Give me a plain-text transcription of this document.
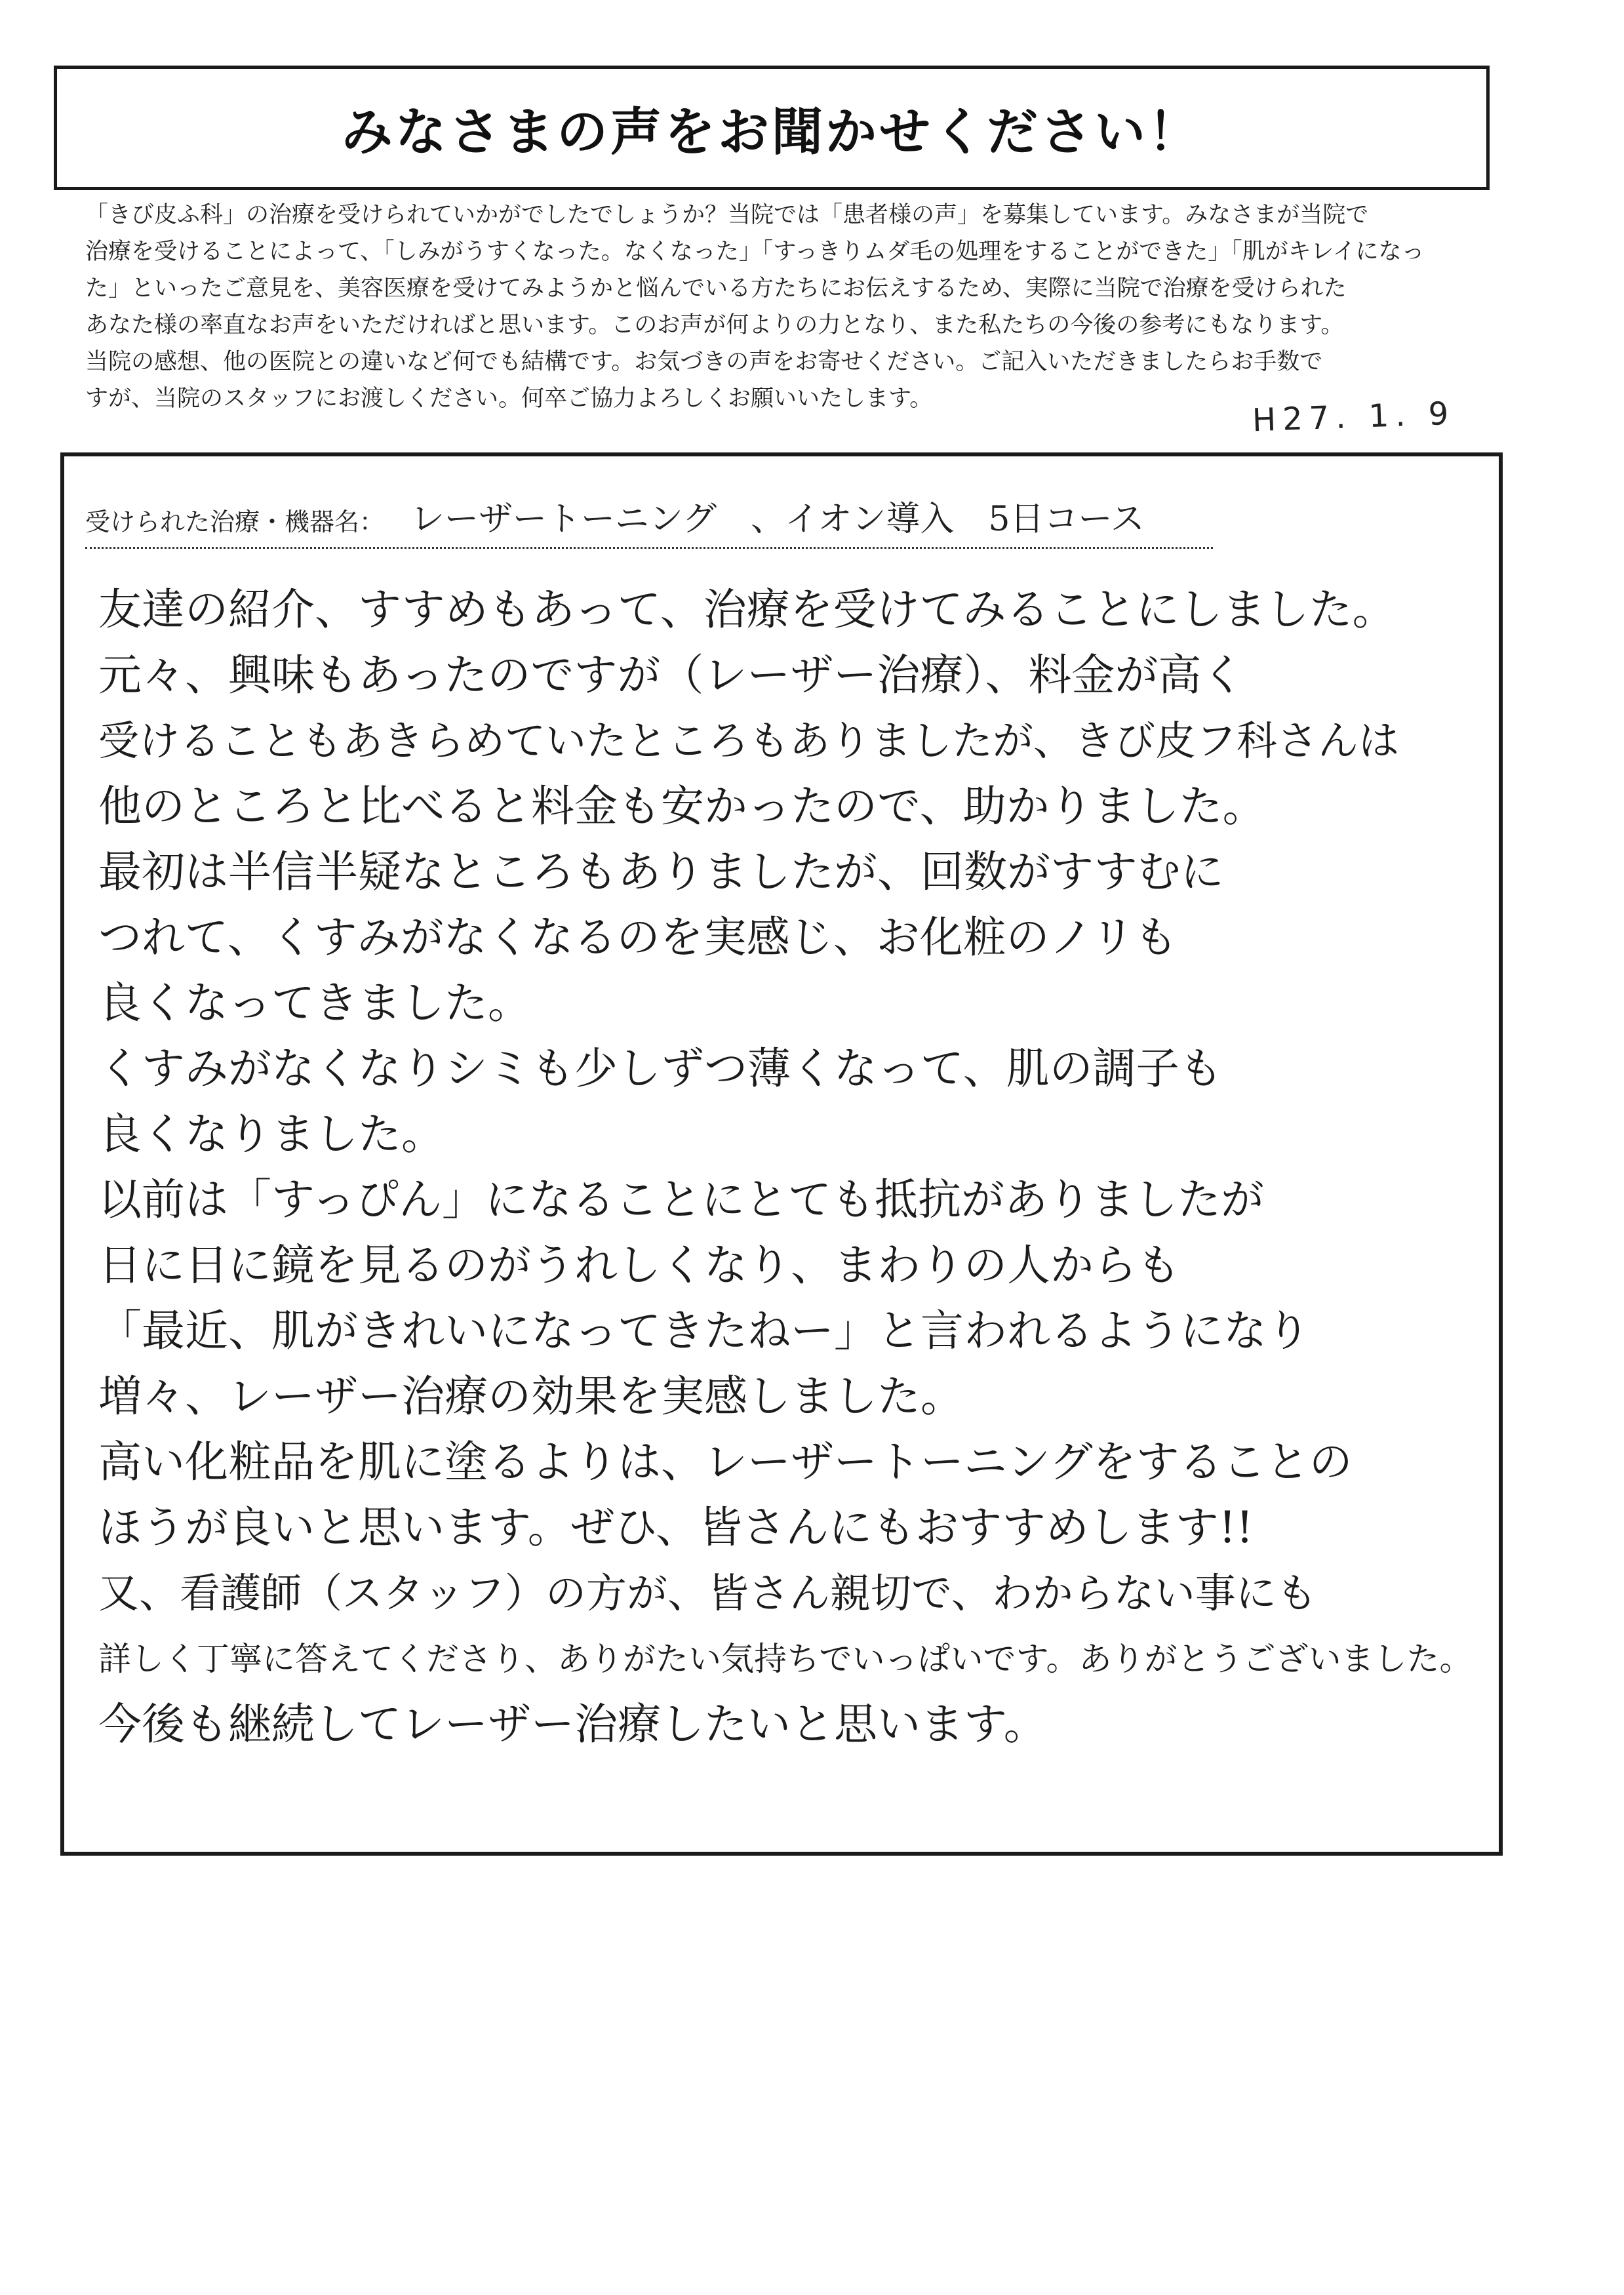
みなさまの声をお聞かせください！
「きび皮ふ科」の治療を受けられていかがでしたでしょうか？当院では「患者様の声」を募集しています。みなさまが当院で
治療を受けることによって、「しみがうすくなった。なくなった」「すっきりムダ毛の処理をすることができた」「肌がキレイになっ
た」といったご意見を、美容医療を受けてみようかと悩んでいる方たちにお伝えするため、実際に当院で治療を受けられた
あなた様の率直なお声をいただければと思います。このお声が何よりの力となり、また私たちの今後の参考にもなります。
当院の感想、他の医院との違いなど何でも結構です。お気づきの声をお寄せください。ご記入いただきましたらお手数で
すが、当院のスタッフにお渡しください。何卒ご協力よろしくお願いいたします。	H27. 1. 9
受けられた治療・機器名： レーザートーニング　、イオン導入　5日コース
友達の紹介、すすめもあって、治療を受けてみることにしました。
元々、興味もあったのですが（レーザー治療）、料金が高く
受けることもあきらめていたところもありましたが、きび皮フ科さんは
他のところと比べると料金も安かったので、助かりました。
最初は半信半疑なところもありましたが、回数がすすむに
つれて、くすみがなくなるのを実感じ、お化粧のノリも
良くなってきました。
くすみがなくなりシミも少しずつ薄くなって、肌の調子も
良くなりました。
以前は「すっぴん」になることにとても抵抗がありましたが
日に日に鏡を見るのがうれしくなり、まわりの人からも
「最近、肌がきれいになってきたねー」と言われるようになり
増々、レーザー治療の効果を実感しました。
高い化粧品を肌に塗るよりは、レーザートーニングをすることの
ほうが良いと思います。ぜひ、皆さんにもおすすめします!!
又、看護師（スタッフ）の方が、皆さん親切で、わからない事にも
詳しく丁寧に答えてくださり、ありがたい気持ちでいっぱいです。ありがとうございました。
今後も継続してレーザー治療したいと思います。
